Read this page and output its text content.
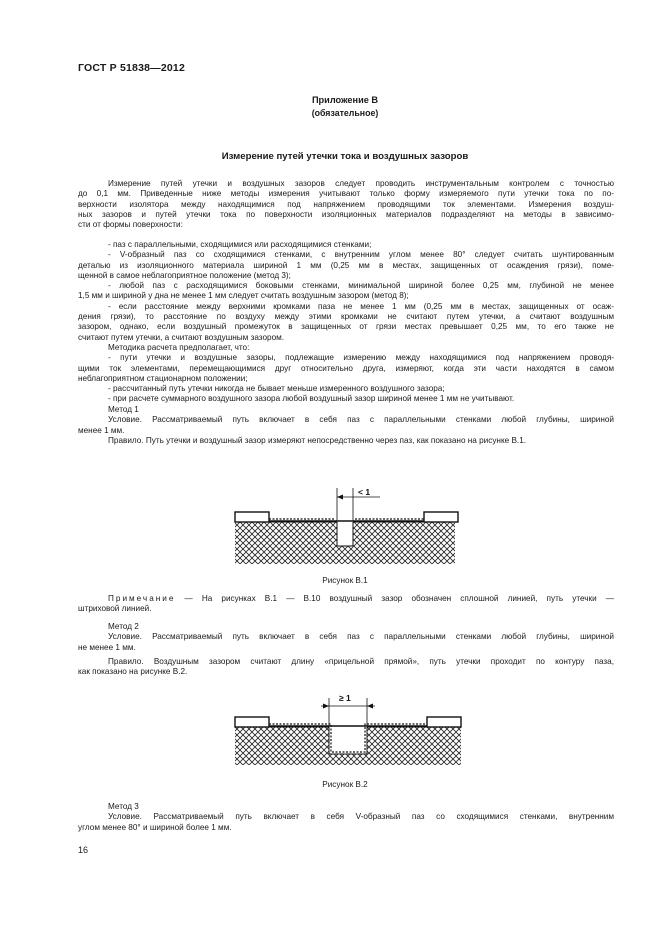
ГОСТ Р 51838—2012
Приложение В
(обязательное)
Измерение путей утечки тока и воздушных зазоров
Измерение путей утечки и воздушных зазоров следует проводить инструментальным контролем с точностью
до 0,1 мм. Приведенные ниже методы измерения учитывают только форму измеряемого пути утечки тока по по-
верхности изолятора между находящимися под напряжением проводящими ток элементами. Измерения воздуш-
ных зазоров и путей утечки тока по поверхности изоляционных материалов подразделяют на методы в зависимо-
сти от формы поверхности:
- паз с параллельными, сходящимися или расходящимися стенками;
- V-образный паз со сходящимися стенками, с внутренним углом менее 80° следует считать шунтированным
деталью из изоляционного материала шириной 1 мм (0,25 мм в местах, защищенных от осаждения грязи), поме-
щенной в самое неблагоприятное положение (метод 3);
- любой паз с расходящимися боковыми стенками, минимальной шириной более 0,25 мм, глубиной не менее
1,5 мм и шириной у дна не менее 1 мм следует считать воздушным зазором (метод 8);
- если расстояние между верхними кромками паза не менее 1 мм (0,25 мм в местах, защищенных от осаж-
дения грязи), то расстояние по воздуху между этими кромками не считают путем утечки, а считают воздушным
зазором, однако, если воздушный промежуток в защищенных от грязи местах превышает 0,25 мм, то его также не
считают путем утечки, а считают воздушным зазором.
Методика расчета предполагает, что:
- пути утечки и воздушные зазоры, подлежащие измерению между находящимися под напряжением проводя-
щими ток элементами, перемещающимися друг относительно друга, измеряют, когда эти части находятся в самом
неблагоприятном стационарном положении;
- рассчитанный путь утечки никогда не бывает меньше измеренного воздушного зазора;
- при расчете суммарного воздушного зазора любой воздушный зазор шириной менее 1 мм не учитывают.
Метод 1
Условие. Рассматриваемый путь включает в себя паз с параллельными стенками любой глубины, шириной
менее 1 мм.
Правило. Путь утечки и воздушный зазор измеряют непосредственно через паз, как показано на рисунке В.1.
< 1
Рисунок В.1
Примечание — На рисунках В.1 — В.10 воздушный зазор обозначен сплошной линией, путь утечки —
штриховой линией.
Метод 2
Условие. Рассматриваемый путь включает в себя паз с параллельными стенками любой глубины, шириной
не менее 1 мм.
Правило. Воздушным зазором считают длину «прицельной прямой», путь утечки проходит по контуру паза,
как показано на рисунке В.2.
≥ 1
Рисунок В.2
Метод 3
Условие. Рассматриваемый путь включает в себя V-образный паз со сходящимися стенками, внутренним
углом менее 80° и шириной более 1 мм.
16
